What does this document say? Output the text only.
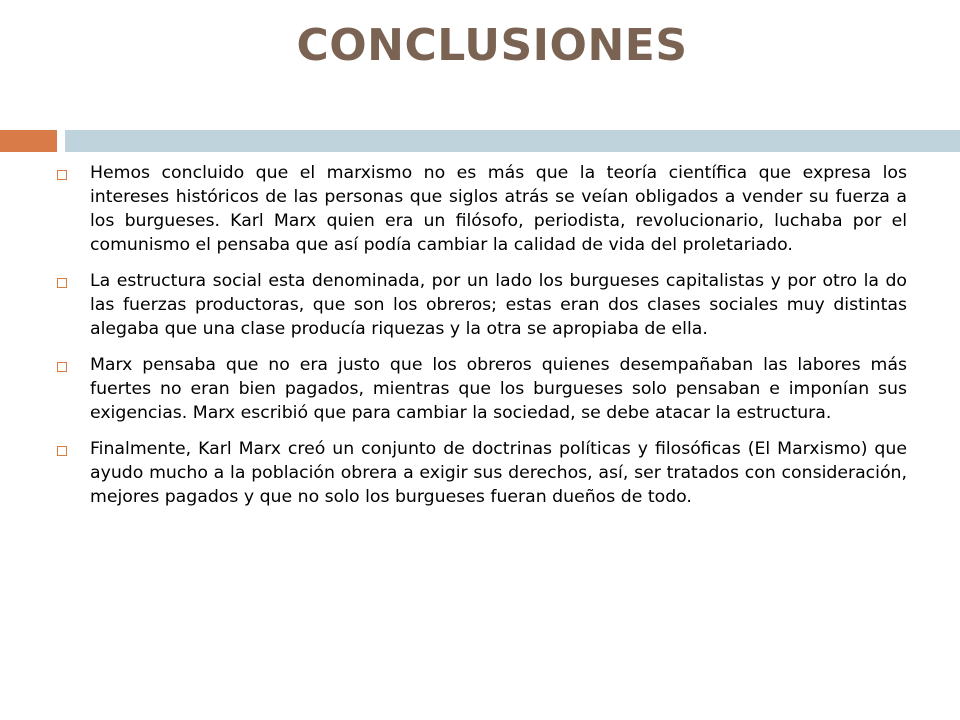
CONCLUSIONES
Hemos concluido que el marxismo no es más que la teoría científica que expresa los intereses históricos de las personas que siglos atrás se veían obligados a vender su fuerza a los burgueses. Karl Marx quien era un filósofo, periodista, revolucionario, luchaba por el comunismo el pensaba que así podía cambiar la calidad de vida del proletariado.
La estructura social esta denominada, por un lado los burgueses capitalistas y por otro la do las fuerzas productoras, que son los obreros; estas eran dos clases sociales muy distintas alegaba que una clase producía riquezas y la otra se apropiaba de ella.
Marx pensaba que no era justo que los obreros quienes desempañaban las labores más fuertes no eran bien pagados, mientras que los burgueses solo pensaban e imponían sus exigencias. Marx escribió que para cambiar la sociedad, se debe atacar la estructura.
Finalmente, Karl Marx creó un conjunto de doctrinas políticas y filosóficas (El Marxismo) que ayudo mucho a la población obrera a exigir sus derechos, así, ser tratados con consideración, mejores pagados y que no solo los burgueses fueran dueños de todo.
